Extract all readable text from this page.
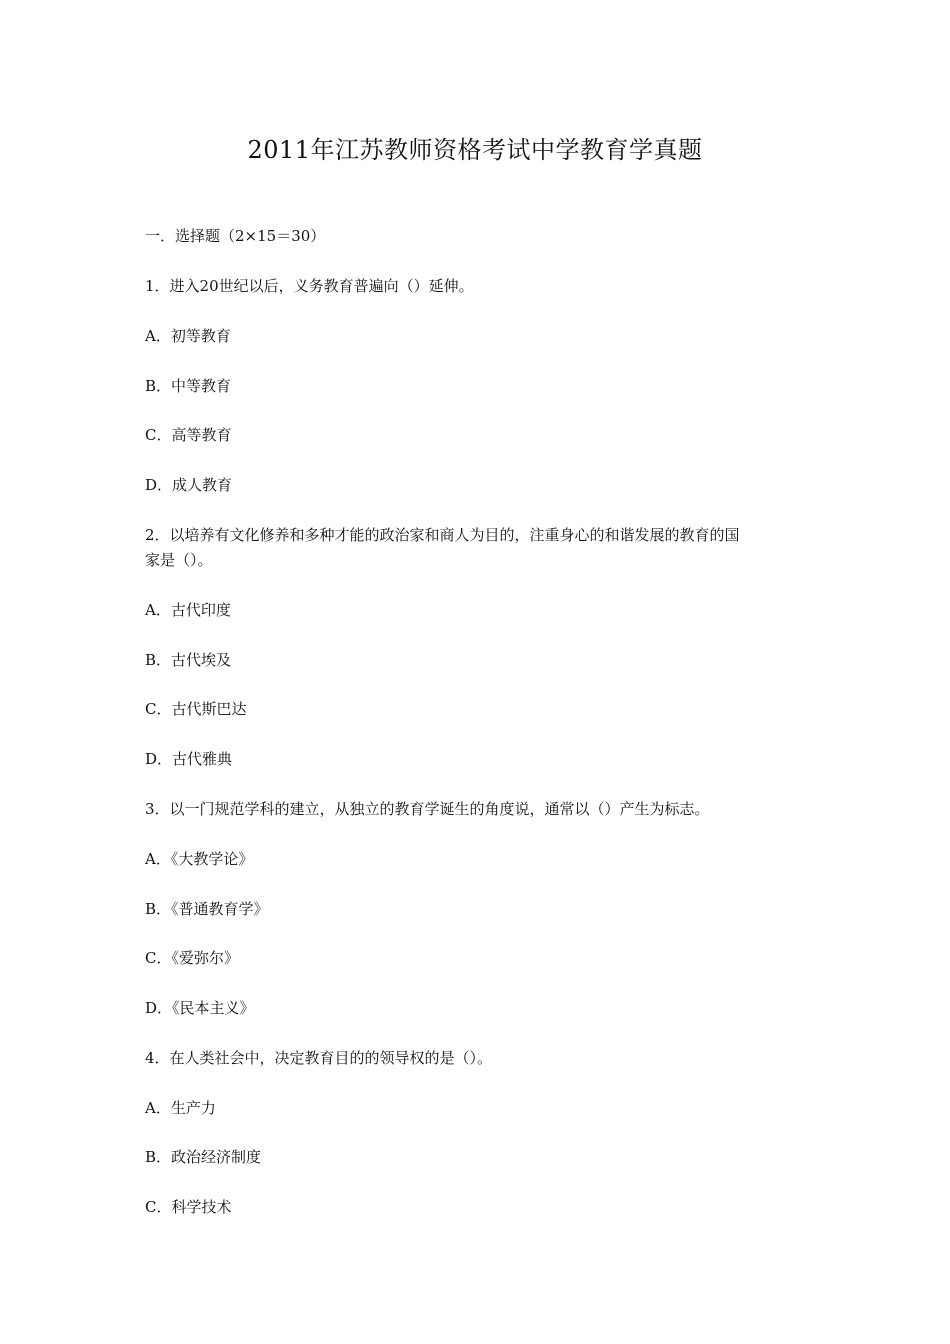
2011年江苏教师资格考试中学教育学真题
一．选择题（2×15＝30）
1．进入20世纪以后，义务教育普遍向（）延伸。
A．初等教育
B．中等教育
C．高等教育
D．成人教育
2．以培养有文化修养和多种才能的政治家和商人为目的，注重身心的和谐发展的教育的国
家是（）。
A．古代印度
B．古代埃及
C．古代斯巴达
D．古代雅典
3．以一门规范学科的建立，从独立的教育学诞生的角度说，通常以（）产生为标志。
A．《大教学论》
B．《普通教育学》
C．《爱弥尔》
D．《民本主义》
4．在人类社会中，决定教育目的的领导权的是（）。
A．生产力
B．政治经济制度
C．科学技术
